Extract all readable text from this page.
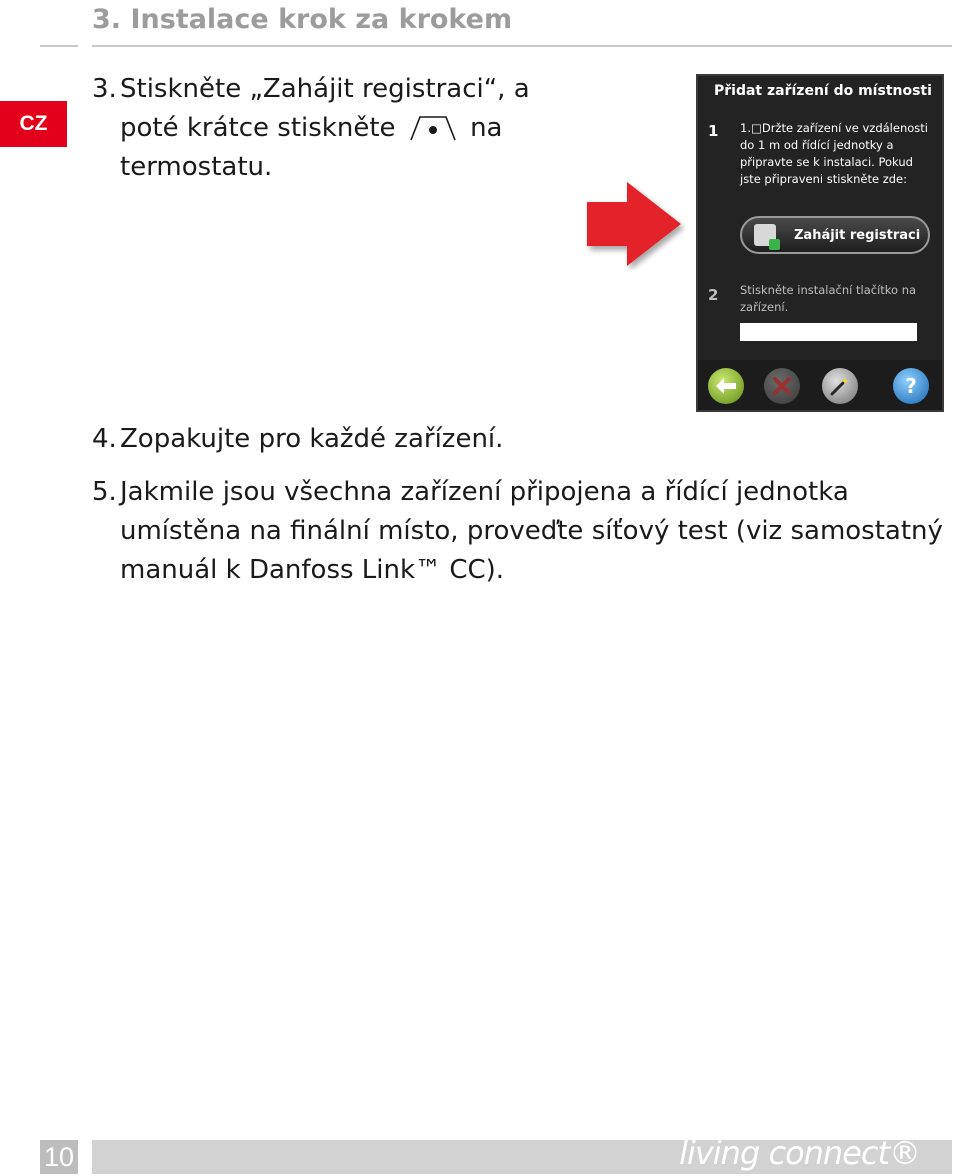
3. Instalace krok za krokem
CZ
3. Stiskněte „Zahájit registraci“, a poté krátce stiskněte	na termostatu.
Přidat zařízení do místnosti
1 1.□Držte zařízení ve vzdálenosti do 1 m od řídící jednotky a připravte se k instalaci. Pokud jste připraveni stiskněte zde:
Zahájit registraci
2 Stiskněte instalační tlačítko na zařízení.
?
4. Zopakujte pro každé zařízení.
5. Jakmile jsou všechna zařízení připojena a řídící jednotka umístěna na finální místo, proveďte síťový test (viz samostatný manuál k Danfoss Link™ CC).
10	living connect®
